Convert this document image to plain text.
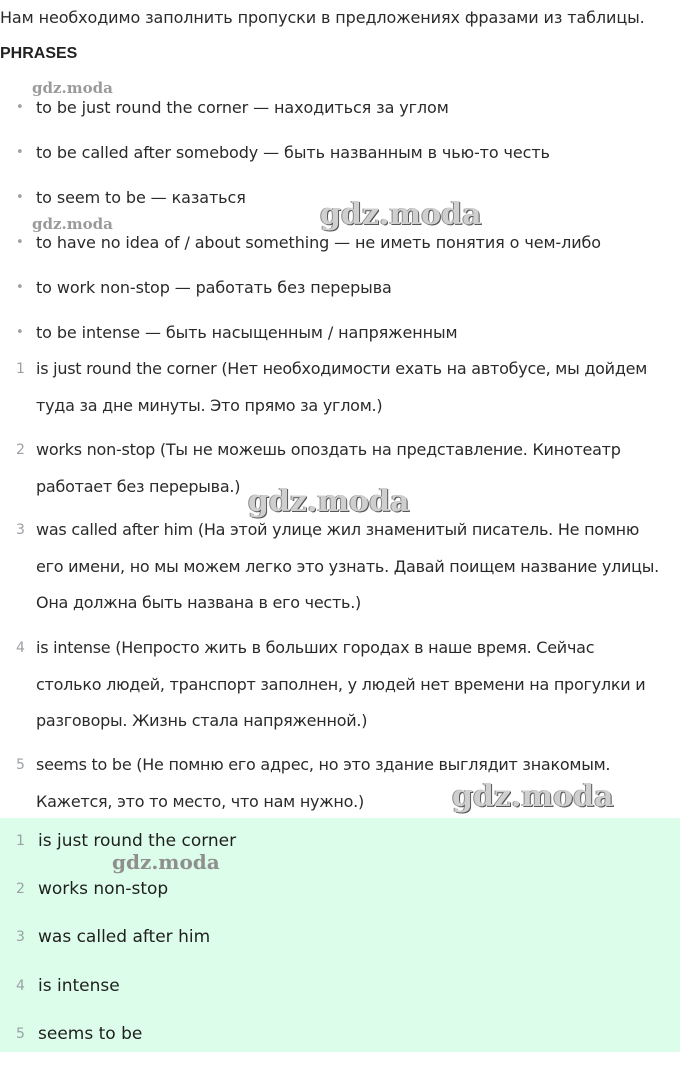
Нам необходимо заполнить пропуски в предложениях фразами из таблицы.

PHRASES
• to be just round the corner — находиться за углом
• to be called after somebody — быть названным в чью-то честь
• to seem to be — казаться
• to have no idea of / about something — не иметь понятия о чем-либо
• to work non-stop — работать без перерыва
• to be intense — быть насыщенным / напряженным
1 is just round the corner (Нет необходимости ехать на автобусе, мы дойдем
туда за дне минуты. Это прямо за углом.)
2 works non-stop (Ты не можешь опоздать на представление. Кинотеатр
работает без перерыва.)
3 was called after him (На этой улице жил знаменитый писатель. Не помню
его имени, но мы можем легко это узнать. Давай поищем название улицы.
Она должна быть названа в его честь.)
4 is intense (Непросто жить в больших городах в наше время. Сейчас
столько людей, транспорт заполнен, у людей нет времени на прогулки и
разговоры. Жизнь стала напряженной.)
5 seems to be (Не помню его адрес, но это здание выглядит знакомым.
Кажется, это то место, что нам нужно.)
1 is just round the corner
2 works non-stop
3 was called after him
4 is intense
5 seems to be
gdz.moda
gdz.moda	gdz.moda
gdz.moda
gdz.moda
gdz.moda
